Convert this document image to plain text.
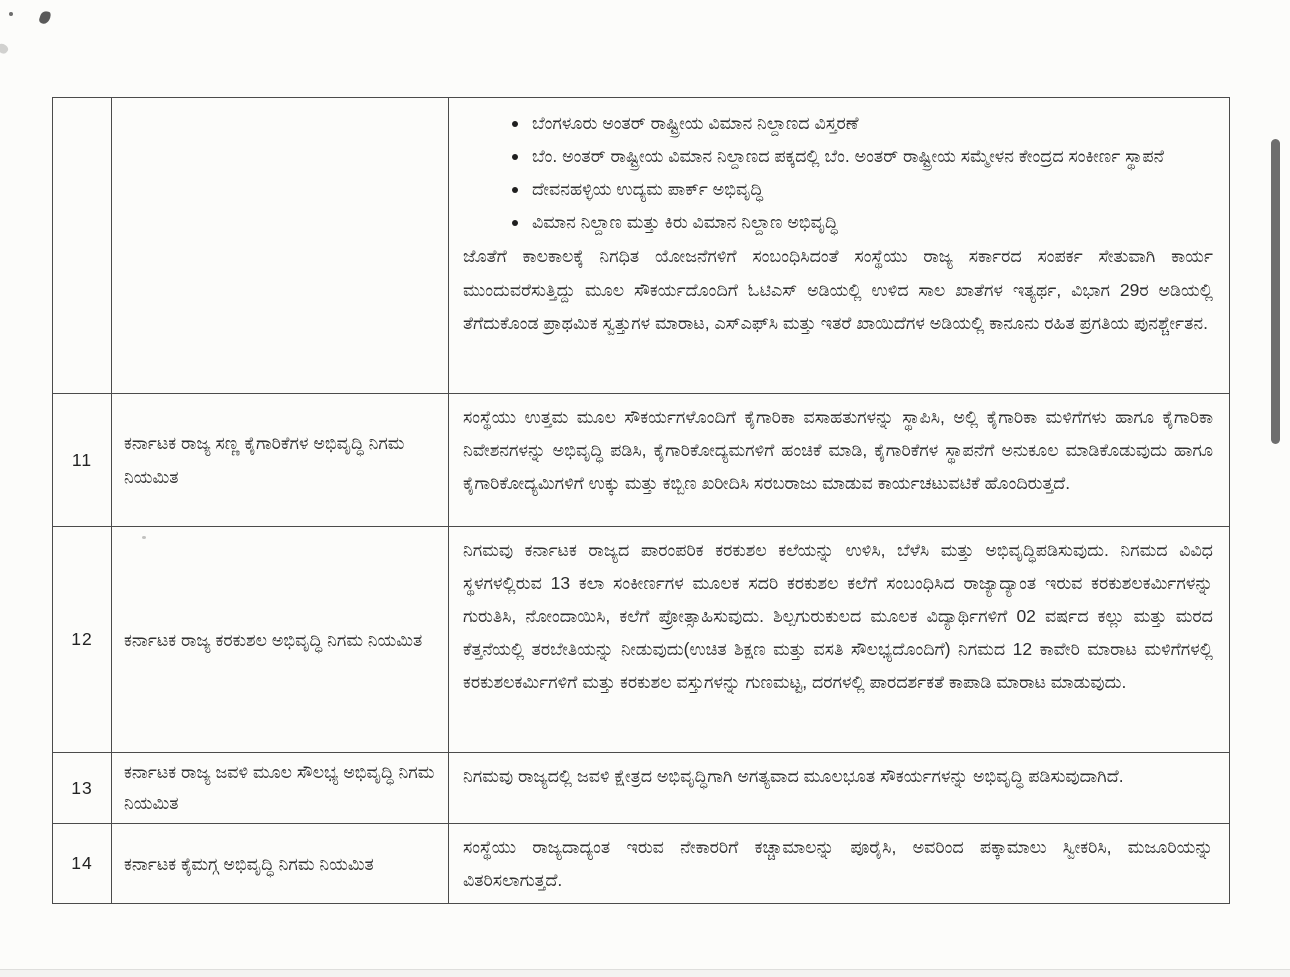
ಬೆಂಗಳೂರು ಅಂತರ್ ರಾಷ್ಟ್ರೀಯ ವಿಮಾನ ನಿಲ್ದಾಣದ ವಿಸ್ತರಣೆ
ಬೆಂ. ಅಂತರ್ ರಾಷ್ಟ್ರೀಯ ವಿಮಾನ ನಿಲ್ದಾಣದ ಪಕ್ಕದಲ್ಲಿ ಬೆಂ. ಅಂತರ್ ರಾಷ್ಟ್ರೀಯ ಸಮ್ಮೇಳನ ಕೇಂದ್ರದ ಸಂಕೀರ್ಣ ಸ್ಥಾಪನೆ
ದೇವನಹಳ್ಳಿಯ ಉದ್ಯಮ ಪಾರ್ಕ್ ಅಭಿವೃದ್ಧಿ
ವಿಮಾನ ನಿಲ್ದಾಣ ಮತ್ತು ಕಿರು ವಿಮಾನ ನಿಲ್ದಾಣ ಅಭಿವೃದ್ಧಿ

ಜೊತೆಗೆ ಕಾಲಕಾಲಕ್ಕೆ ನಿಗಧಿತ ಯೋಜನೆಗಳಿಗೆ ಸಂಬಂಧಿಸಿದಂತೆ ಸಂಸ್ಥೆಯು ರಾಜ್ಯ ಸರ್ಕಾರದ ಸಂಪರ್ಕ ಸೇತುವಾಗಿ ಕಾರ್ಯ ಮುಂದುವರೆಸುತ್ತಿದ್ದು ಮೂಲ ಸೌಕರ್ಯದೊಂದಿಗೆ ಓಟಿಎಸ್ ಅಡಿಯಲ್ಲಿ ಉಳಿದ ಸಾಲ ಖಾತೆಗಳ ಇತ್ಯರ್ಥ, ವಿಭಾಗ 29ರ ಅಡಿಯಲ್ಲಿ ತೆಗೆದುಕೊಂಡ ಪ್ರಾಥಮಿಕ ಸ್ವತ್ತುಗಳ ಮಾರಾಟ, ಎಸ್‌ಎಫ್‌ಸಿ ಮತ್ತು ಇತರೆ ಖಾಯಿದೆಗಳ ಅಡಿಯಲ್ಲಿ ಕಾನೂನು ರಹಿತ ಪ್ರಗತಿಯ ಪುನರ್ಶ್ಚೇತನ.

11	ಕರ್ನಾಟಕ ರಾಜ್ಯ ಸಣ್ಣ ಕೈಗಾರಿಕೆಗಳ ಅಭಿವೃದ್ಧಿ ನಿಗಮ ನಿಯಮಿತ	ಸಂಸ್ಥೆಯು ಉತ್ತಮ ಮೂಲ ಸೌಕರ್ಯಗಳೊಂದಿಗೆ ಕೈಗಾರಿಕಾ ವಸಾಹತುಗಳನ್ನು ಸ್ಥಾಪಿಸಿ, ಅಲ್ಲಿ ಕೈಗಾರಿಕಾ ಮಳಿಗೆಗಳು ಹಾಗೂ ಕೈಗಾರಿಕಾ ನಿವೇಶನಗಳನ್ನು ಅಭಿವೃದ್ಧಿ ಪಡಿಸಿ, ಕೈಗಾರಿಕೋದ್ಯಮಗಳಿಗೆ ಹಂಚಿಕೆ ಮಾಡಿ, ಕೈಗಾರಿಕೆಗಳ ಸ್ಥಾಪನೆಗೆ ಅನುಕೂಲ ಮಾಡಿಕೊಡುವುದು ಹಾಗೂ ಕೈಗಾರಿಕೋದ್ಯಮಿಗಳಿಗೆ ಉಕ್ಕು ಮತ್ತು ಕಬ್ಬಿಣ ಖರೀದಿಸಿ ಸರಬರಾಜು ಮಾಡುವ ಕಾರ್ಯಚಟುವಟಿಕೆ ಹೊಂದಿರುತ್ತದೆ.
12	ಕರ್ನಾಟಕ ರಾಜ್ಯ ಕರಕುಶಲ ಅಭಿವೃದ್ಧಿ ನಿಗಮ ನಿಯಮಿತ	ನಿಗಮವು ಕರ್ನಾಟಕ ರಾಜ್ಯದ ಪಾರಂಪರಿಕ ಕರಕುಶಲ ಕಲೆಯನ್ನು ಉಳಿಸಿ, ಬೆಳೆಸಿ ಮತ್ತು ಅಭಿವೃದ್ಧಿಪಡಿಸುವುದು. ನಿಗಮದ ವಿವಿಧ ಸ್ಥಳಗಳಲ್ಲಿರುವ 13 ಕಲಾ ಸಂಕೀರ್ಣಗಳ ಮೂಲಕ ಸದರಿ ಕರಕುಶಲ ಕಲೆಗೆ ಸಂಬಂಧಿಸಿದ ರಾಜ್ಯಾದ್ಯಾಂತ ಇರುವ ಕರಕುಶಲಕರ್ಮಿಗಳನ್ನು ಗುರುತಿಸಿ, ನೋಂದಾಯಿಸಿ, ಕಲೆಗೆ ಪ್ರೋತ್ಸಾಹಿಸುವುದು. ಶಿಲ್ಪಗುರುಕುಲದ ಮೂಲಕ ವಿದ್ಯಾರ್ಥಿಗಳಿಗೆ 02 ವರ್ಷದ ಕಲ್ಲು ಮತ್ತು ಮರದ ಕೆತ್ತನೆಯಲ್ಲಿ ತರಬೇತಿಯನ್ನು ನೀಡುವುದು(ಉಚಿತ ಶಿಕ್ಷಣ ಮತ್ತು ವಸತಿ ಸೌಲಭ್ಯದೊಂದಿಗೆ) ನಿಗಮದ 12 ಕಾವೇರಿ ಮಾರಾಟ ಮಳಿಗೆಗಳಲ್ಲಿ ಕರಕುಶಲಕರ್ಮಿಗಳಿಗೆ ಮತ್ತು ಕರಕುಶಲ ವಸ್ತುಗಳನ್ನು ಗುಣಮಟ್ಟ, ದರಗಳಲ್ಲಿ ಪಾರದರ್ಶಕತೆ ಕಾಪಾಡಿ ಮಾರಾಟ ಮಾಡುವುದು.
13	ಕರ್ನಾಟಕ ರಾಜ್ಯ ಜವಳಿ ಮೂಲ ಸೌಲಭ್ಯ ಅಭಿವೃದ್ಧಿ ನಿಗಮ ನಿಯಮಿತ	ನಿಗಮವು ರಾಜ್ಯದಲ್ಲಿ ಜವಳಿ ಕ್ಷೇತ್ರದ ಅಭಿವೃದ್ಧಿಗಾಗಿ ಅಗತ್ಯವಾದ ಮೂಲಭೂತ ಸೌಕರ್ಯಗಳನ್ನು ಅಭಿವೃದ್ಧಿ ಪಡಿಸುವುದಾಗಿದೆ.
14	ಕರ್ನಾಟಕ ಕೈಮಗ್ಗ ಅಭಿವೃದ್ಧಿ ನಿಗಮ ನಿಯಮಿತ	ಸಂಸ್ಥೆಯು ರಾಜ್ಯದಾದ್ಯಂತ ಇರುವ ನೇಕಾರರಿಗೆ ಕಚ್ಚಾಮಾಲನ್ನು ಪೂರೈಸಿ, ಅವರಿಂದ ಪಕ್ಕಾಮಾಲು ಸ್ವೀಕರಿಸಿ, ಮಜೂರಿಯನ್ನು ವಿತರಿಸಲಾಗುತ್ತದೆ.
